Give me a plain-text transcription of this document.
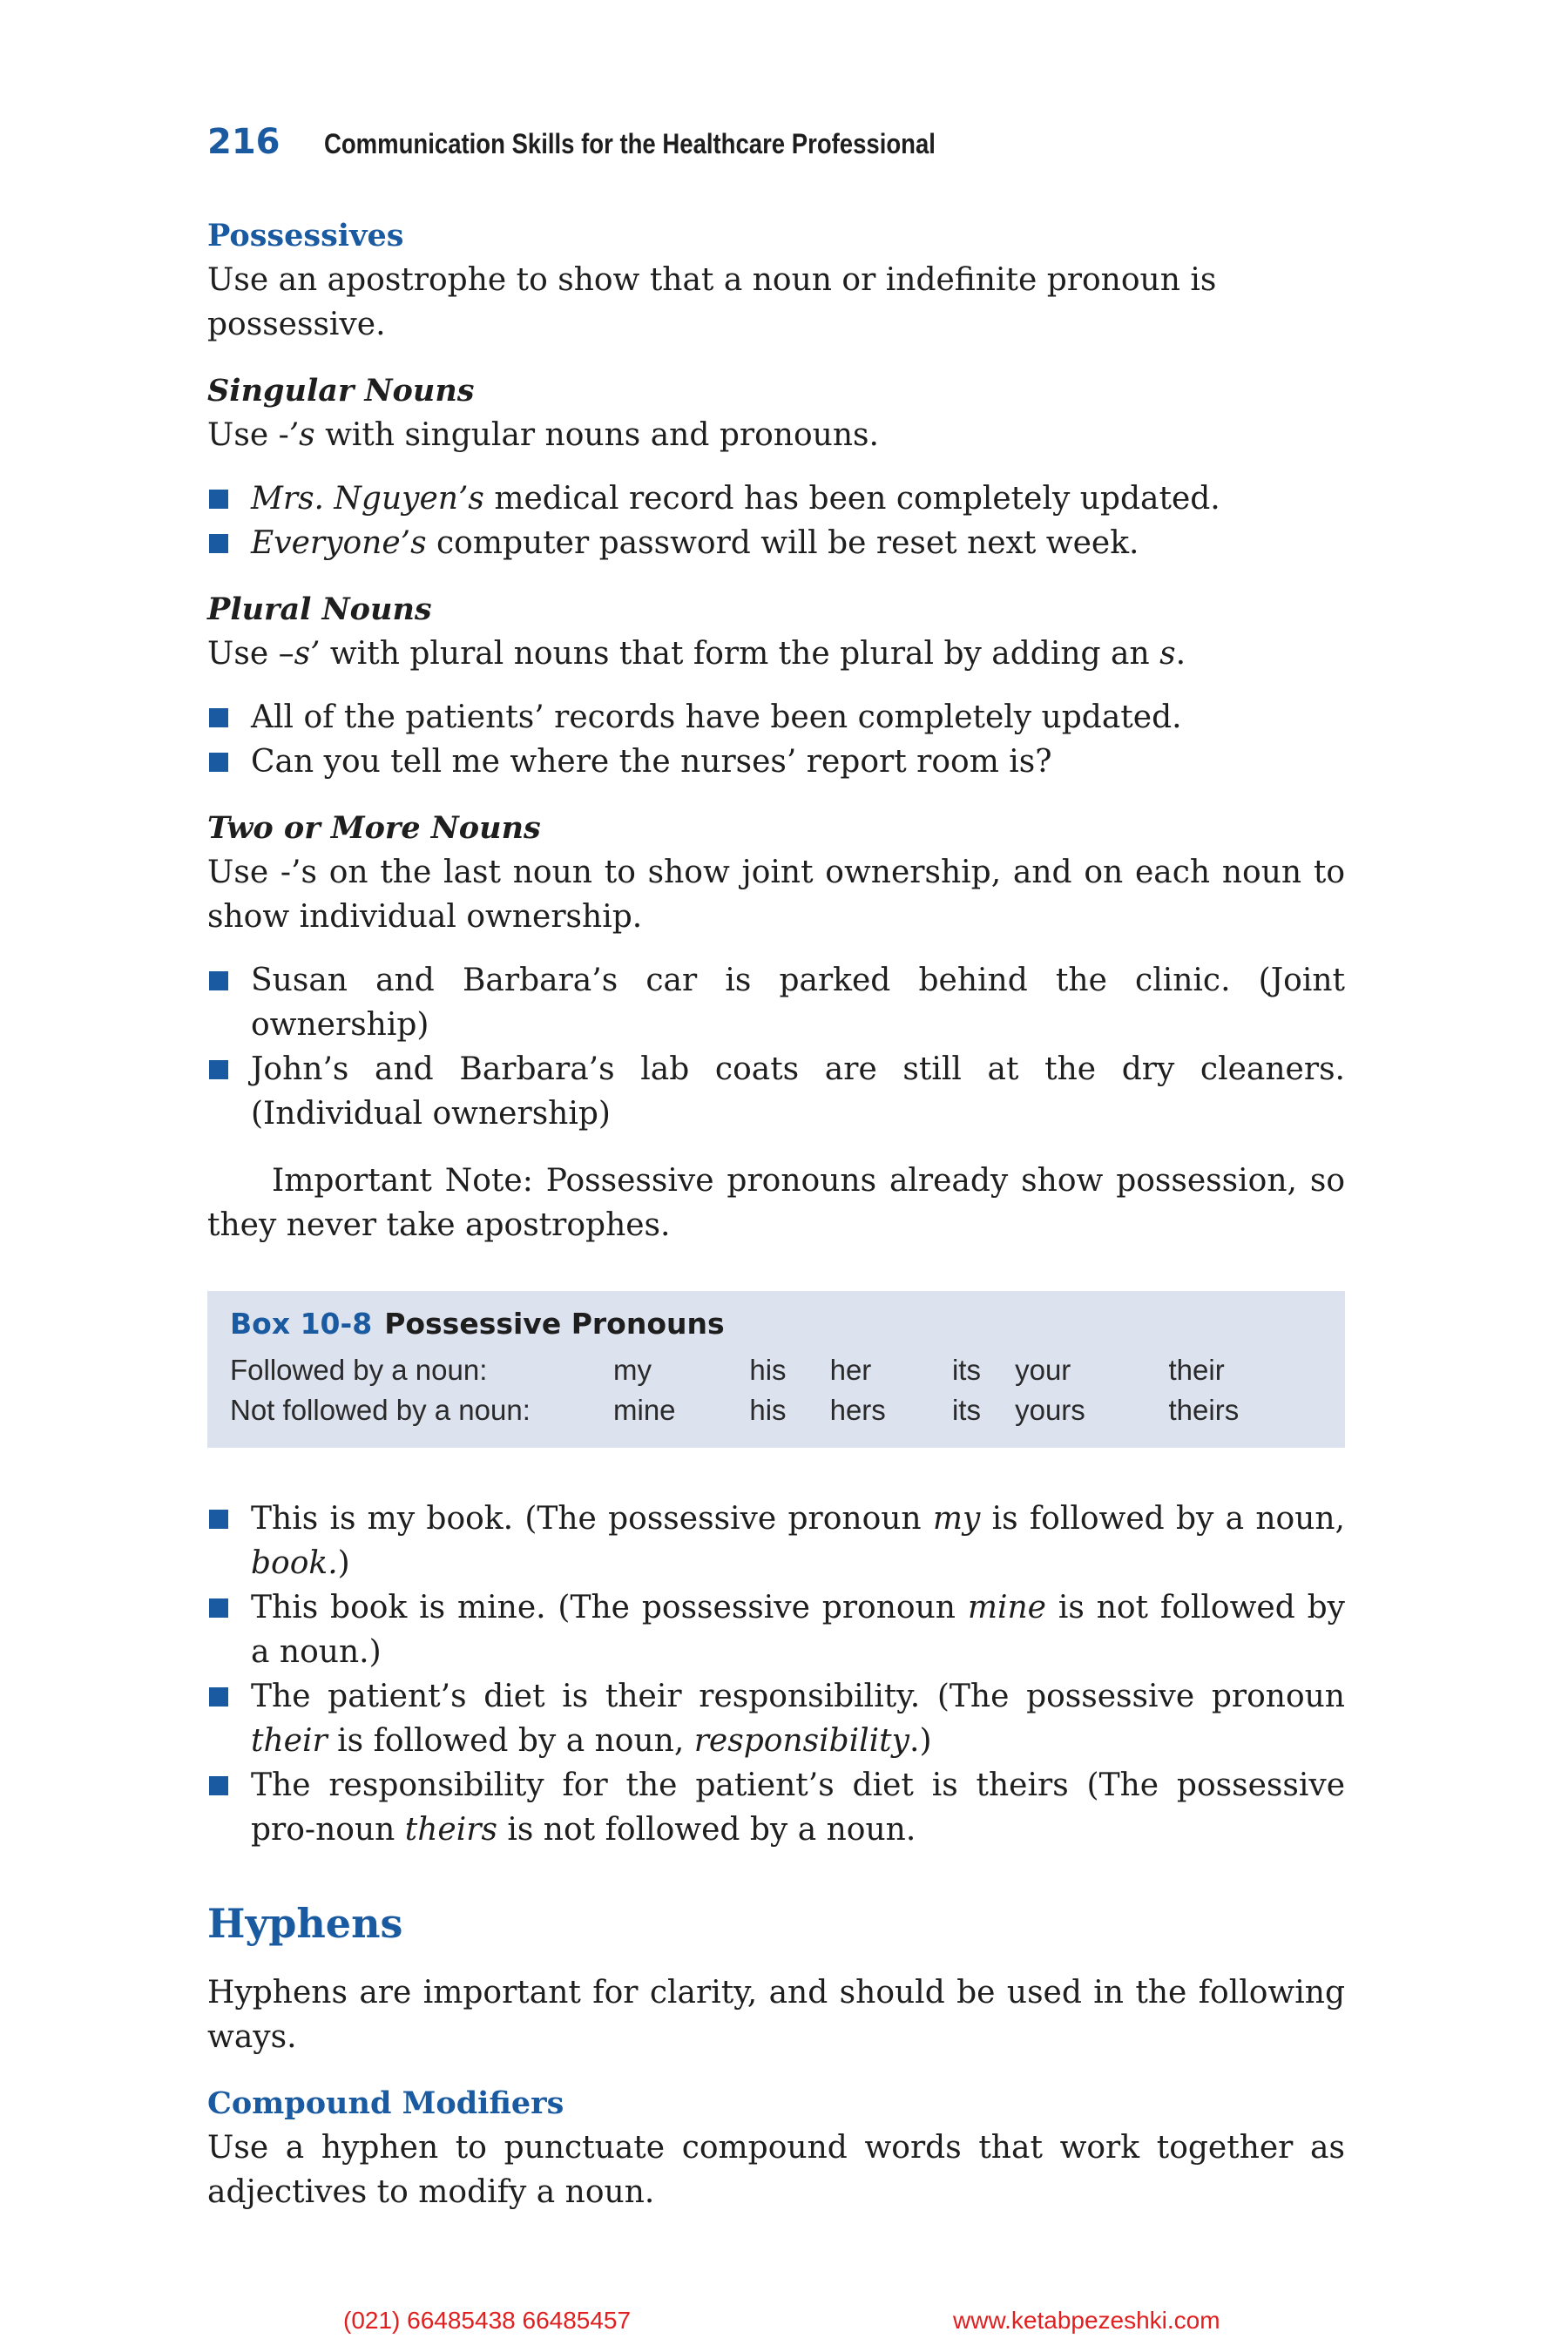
216 Communication Skills for the Healthcare Professional
Possessives

Use an apostrophe to show that a noun or indefinite pronoun is possessive.

Singular Nouns

Use -’s with singular nouns and pronouns.

Mrs. Nguyen’s medical record has been completely updated.
Everyone’s computer password will be reset next week.
Plural Nouns

Use –s’ with plural nouns that form the plural by adding an s.

All of the patients’ records have been completely updated.
Can you tell me where the nurses’ report room is?
Two or More Nouns

Use -’s on the last noun to show joint ownership, and on each noun to show individual ownership.

Susan and Barbara’s car is parked behind the clinic. (Joint ownership)
John’s and Barbara’s lab coats are still at the dry cleaners. (Individual ownership)

Important Note: Possessive pronouns already show possession, so they never take apostrophes.

Box 10-8 Possessive Pronouns
Followed by a noun:	my	his	her	its	your	their
Not followed by a noun:	mine	his	hers	its	yours	theirs
This is my book. (The possessive pronoun my is followed by a noun, book.)
This book is mine. (The possessive pronoun mine is not followed by a noun.)
The patient’s diet is their responsibility. (The possessive pronoun their is followed by a noun, responsibility.)
The responsibility for the patient’s diet is theirs (The possessive pro-noun theirs is not followed by a noun.
Hyphens

Hyphens are important for clarity, and should be used in the following ways.

Compound Modifiers

Use a hyphen to punctuate compound words that work together as adjectives to modify a noun.

(021) 66485438 66485457	www.ketabpezeshki.com
